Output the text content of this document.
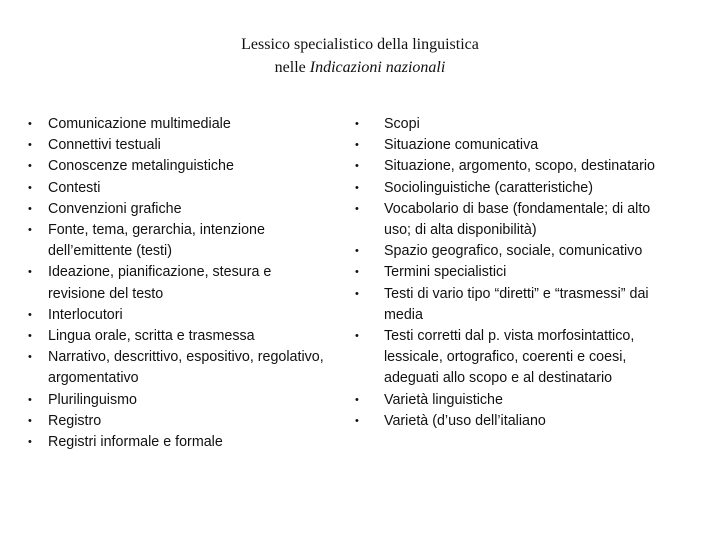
Lessico specialistico della linguistica
nelle Indicazioni nazionali
•	Comunicazione multimediale
•	Connettivi testuali
•	Conoscenze metalinguistiche
•	Contesti
•	Convenzioni grafiche
•	Fonte, tema, gerarchia, intenzione
dell’emittente (testi)
•	Ideazione, pianificazione, stesura e
revisione del testo
•	Interlocutori
•	Lingua orale, scritta e trasmessa
•	Narrativo, descrittivo, espositivo, regolativo,
argomentativo
•	Plurilinguismo
•	Registro
•	Registri informale e formale
•	Scopi
•	Situazione comunicativa
•	Situazione, argomento, scopo, destinatario
•	Sociolinguistiche (caratteristiche)
•	Vocabolario di base (fondamentale; di alto
uso; di alta disponibilità)
•	Spazio geografico, sociale, comunicativo
•	Termini specialistici
•	Testi di vario tipo “diretti” e “trasmessi” dai
media
•	Testi corretti dal p. vista morfosintattico,
lessicale, ortografico, coerenti e coesi,
adeguati allo scopo e al destinatario
•	Varietà linguistiche
•	Varietà (d’uso dell’italiano
